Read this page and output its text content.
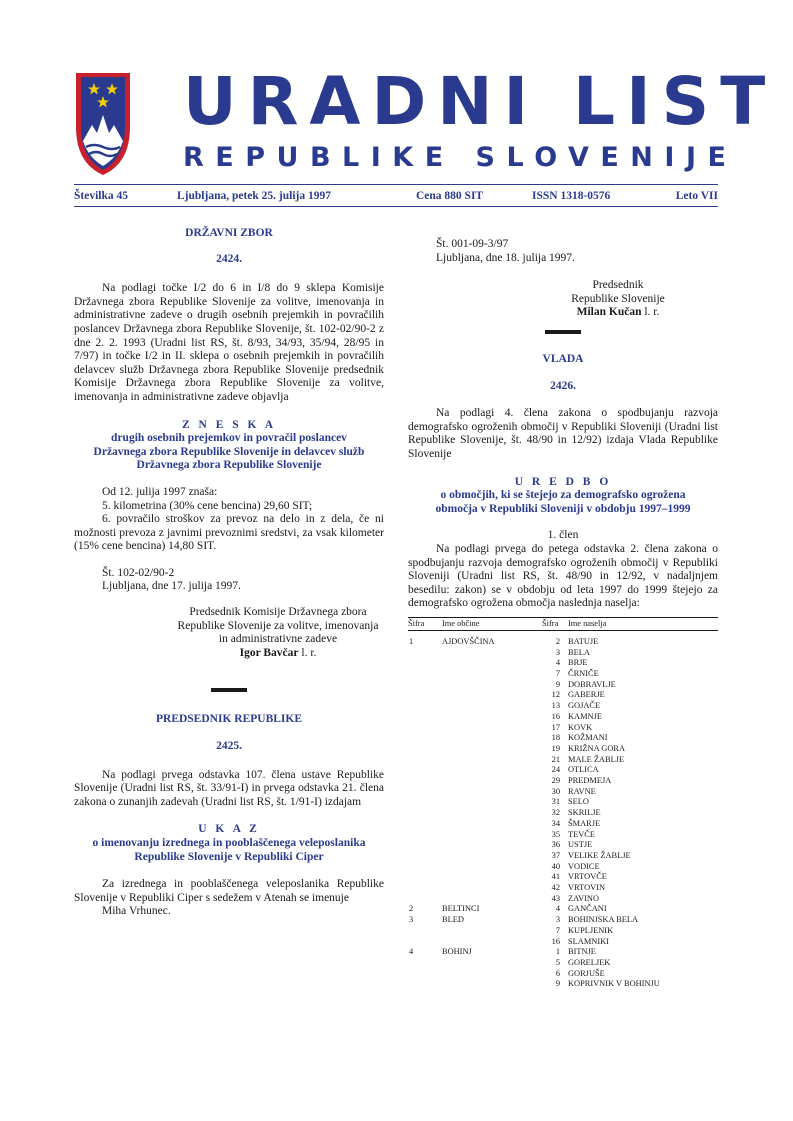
URADNI LIST
REPUBLIKE SLOVENIJE
Številka 45	Ljubljana, petek 25. julija 1997	Cena 880 SIT	ISSN 1318-0576	Leto VII

DRŽAVNI ZBOR

2424.

Na podlagi točke I/2 do 6 in I/8 do 9 sklepa Komisije Državnega zbora Republike Slovenije za volitve, imenovanja in administrativne zadeve o drugih osebnih prejemkih in povračilih poslancev Državnega zbora Republike Slovenije, št. 102-02/90-2 z dne 2. 2. 1993 (Uradni list RS, št. 8/93, 34/93, 35/94, 28/95 in 7/97) in točke I/2 in II. sklepa o osebnih prejemkih in povračilih delavcev služb Državnega zbora Republike Slovenije predsednik Komisije Državnega zbora Republike Slovenije za volitve, imenovanja in administrativne zadeve objavlja

Z N E S K A

drugih osebnih prejemkov in povračil poslancev Državnega zbora Republike Slovenije in delavcev služb Državnega zbora Republike Slovenije

Od 12. julija 1997 znaša:

5. kilometrina (30% cene bencina) 29,60 SIT;

6. povračilo stroškov za prevoz na delo in z dela, če ni možnosti prevoza z javnimi prevoznimi sredstvi, za vsak kilometer (15% cene bencina) 14,80 SIT.

Št. 102-02/90-2

Ljubljana, dne 17. julija 1997.

Predsednik Komisije Državnega zbora Republike Slovenije za volitve, imenovanja in administrativne zadeve

Igor Bavčar l. r.

PREDSEDNIK REPUBLIKE

2425.

Na podlagi prvega odstavka 107. člena ustave Republike Slovenije (Uradni list RS, št. 33/91-I) in prvega odstavka 21. člena zakona o zunanjih zadevah (Uradni list RS, št. 1/91-I) izdajam

U K A Z

o imenovanju izrednega in pooblaščenega veleposlanika Republike Slovenije v Republiki Ciper

Za izrednega in pooblaščenega veleposlanika Republike Slovenije v Republiki Ciper s sedežem v Atenah se imenuje

Miha Vrhunec.

Št. 001-09-3/97

Ljubljana, dne 18. julija 1997.

Predsednik

Republike Slovenije

Milan Kučan l. r.

VLADA

2426.

Na podlagi 4. člena zakona o spodbujanju razvoja demografsko ogroženih območij v Republiki Sloveniji (Uradni list Republike Slovenije, št. 48/90 in 12/92) izdaja Vlada Republike Slovenije

U R E D B O

o območjih, ki se štejejo za demografsko ogrožena območja v Republiki Sloveniji v obdobju 1997–1999

1. člen

Na podlagi prvega do petega odstavka 2. člena zakona o spodbujanju razvoja demografsko ogroženih območij v Republiki Sloveniji (Uradni list RS, št. 48/90 in 12/92, v nadaljnjem besedilu: zakon) se v obdobju od leta 1997 do 1999 štejejo za demografsko ogrožena območja naslednja naselja:

Šifra	Ime občine	Šifra	Ime naselja

1	AJDOVŠČINA	2	BATUJE
		3	BELA
		4	BRJE
		7	ČRNIČE
		9	DOBRAVLJE
		12	GABERJE
		13	GOJAČE
		16	KAMNJE
		17	KOVK
		18	KOŽMANI
		19	KRIŽNA GORA
		21	MALE ŽABLJE
		24	OTLICA
		29	PREDMEJA
		30	RAVNE
		31	SELO
		32	SKRILJE
		34	ŠMARJE
		35	TEVČE
		36	USTJE
		37	VELIKE ŽABLJE
		40	VODICE
		41	VRTOVČE
		42	VRTOVIN
		43	ZAVINO
2	BELTINCI	4	GANČANI
3	BLED	3	BOHINJSKA BELA
		7	KUPLJENIK
		16	SLAMNIKI
4	BOHINJ	1	BITNJE
		5	GORELJEK
		6	GORJUŠE
		9	KOPRIVNIK V BOHINJU
